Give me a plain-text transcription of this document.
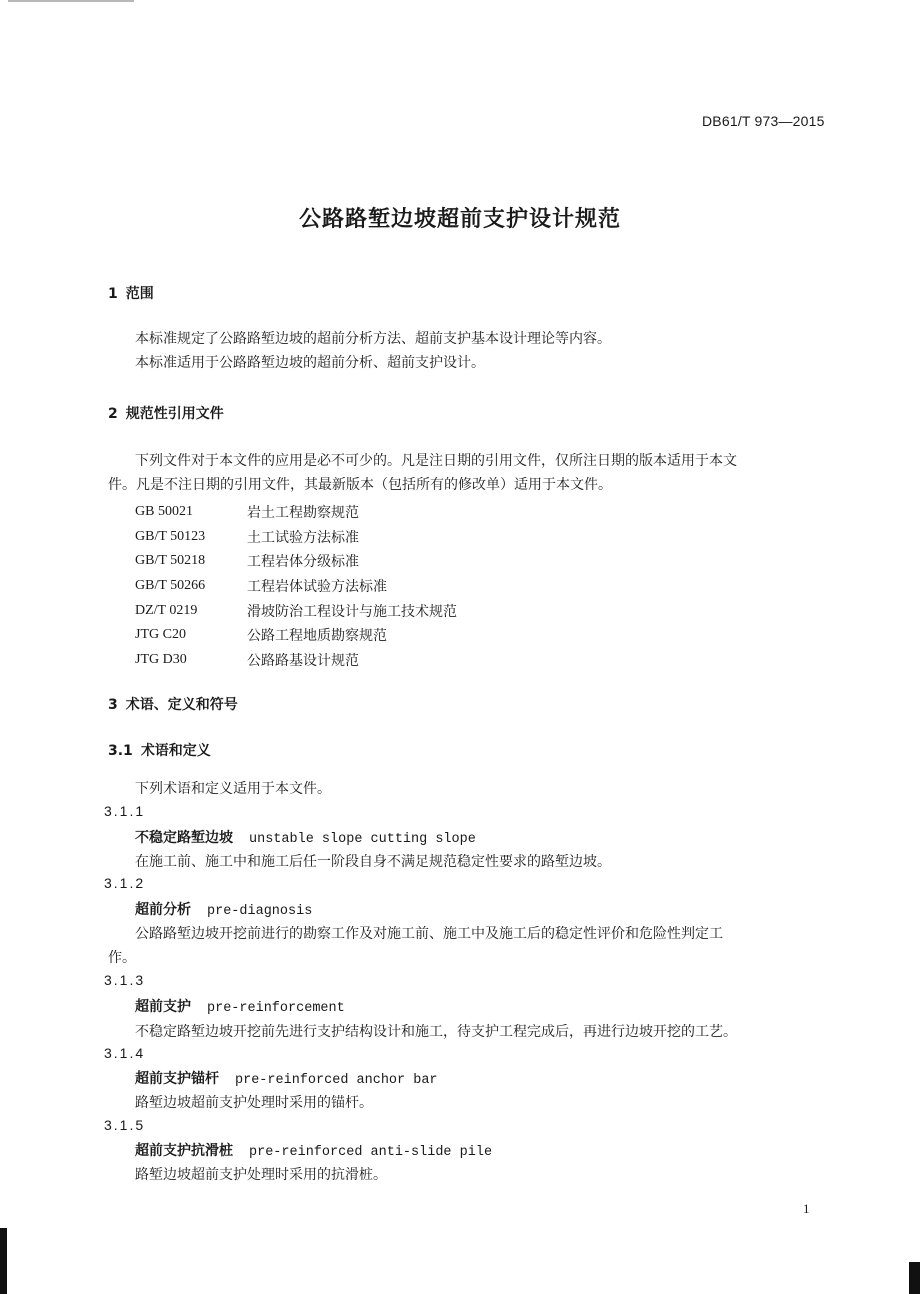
DB61/T 973—2015
公路路堑边坡超前支护设计规范
1 范围
本标准规定了公路路堑边坡的超前分析方法、超前支护基本设计理论等内容。
本标准适用于公路路堑边坡的超前分析、超前支护设计。
2 规范性引用文件
下列文件对于本文件的应用是必不可少的。凡是注日期的引用文件，仅所注日期的版本适用于本文
件。凡是不注日期的引用文件，其最新版本（包括所有的修改单）适用于本文件。
GB 50021	岩土工程勘察规范
GB/T 50123	土工试验方法标准
GB/T 50218	工程岩体分级标准
GB/T 50266	工程岩体试验方法标准
DZ/T 0219	滑坡防治工程设计与施工技术规范
JTG C20	公路工程地质勘察规范
JTG D30	公路路基设计规范
3 术语、定义和符号
3.1 术语和定义
下列术语和定义适用于本文件。
3.1.1
不稳定路堑边坡 unstable slope cutting slope
在施工前、施工中和施工后任一阶段自身不满足规范稳定性要求的路堑边坡。
3.1.2
超前分析 pre-diagnosis
公路路堑边坡开挖前进行的勘察工作及对施工前、施工中及施工后的稳定性评价和危险性判定工
作。
3.1.3
超前支护 pre-reinforcement
不稳定路堑边坡开挖前先进行支护结构设计和施工，待支护工程完成后，再进行边坡开挖的工艺。
3.1.4
超前支护锚杆 pre-reinforced anchor bar
路堑边坡超前支护处理时采用的锚杆。
3.1.5
超前支护抗滑桩 pre-reinforced anti-slide pile
路堑边坡超前支护处理时采用的抗滑桩。
1
